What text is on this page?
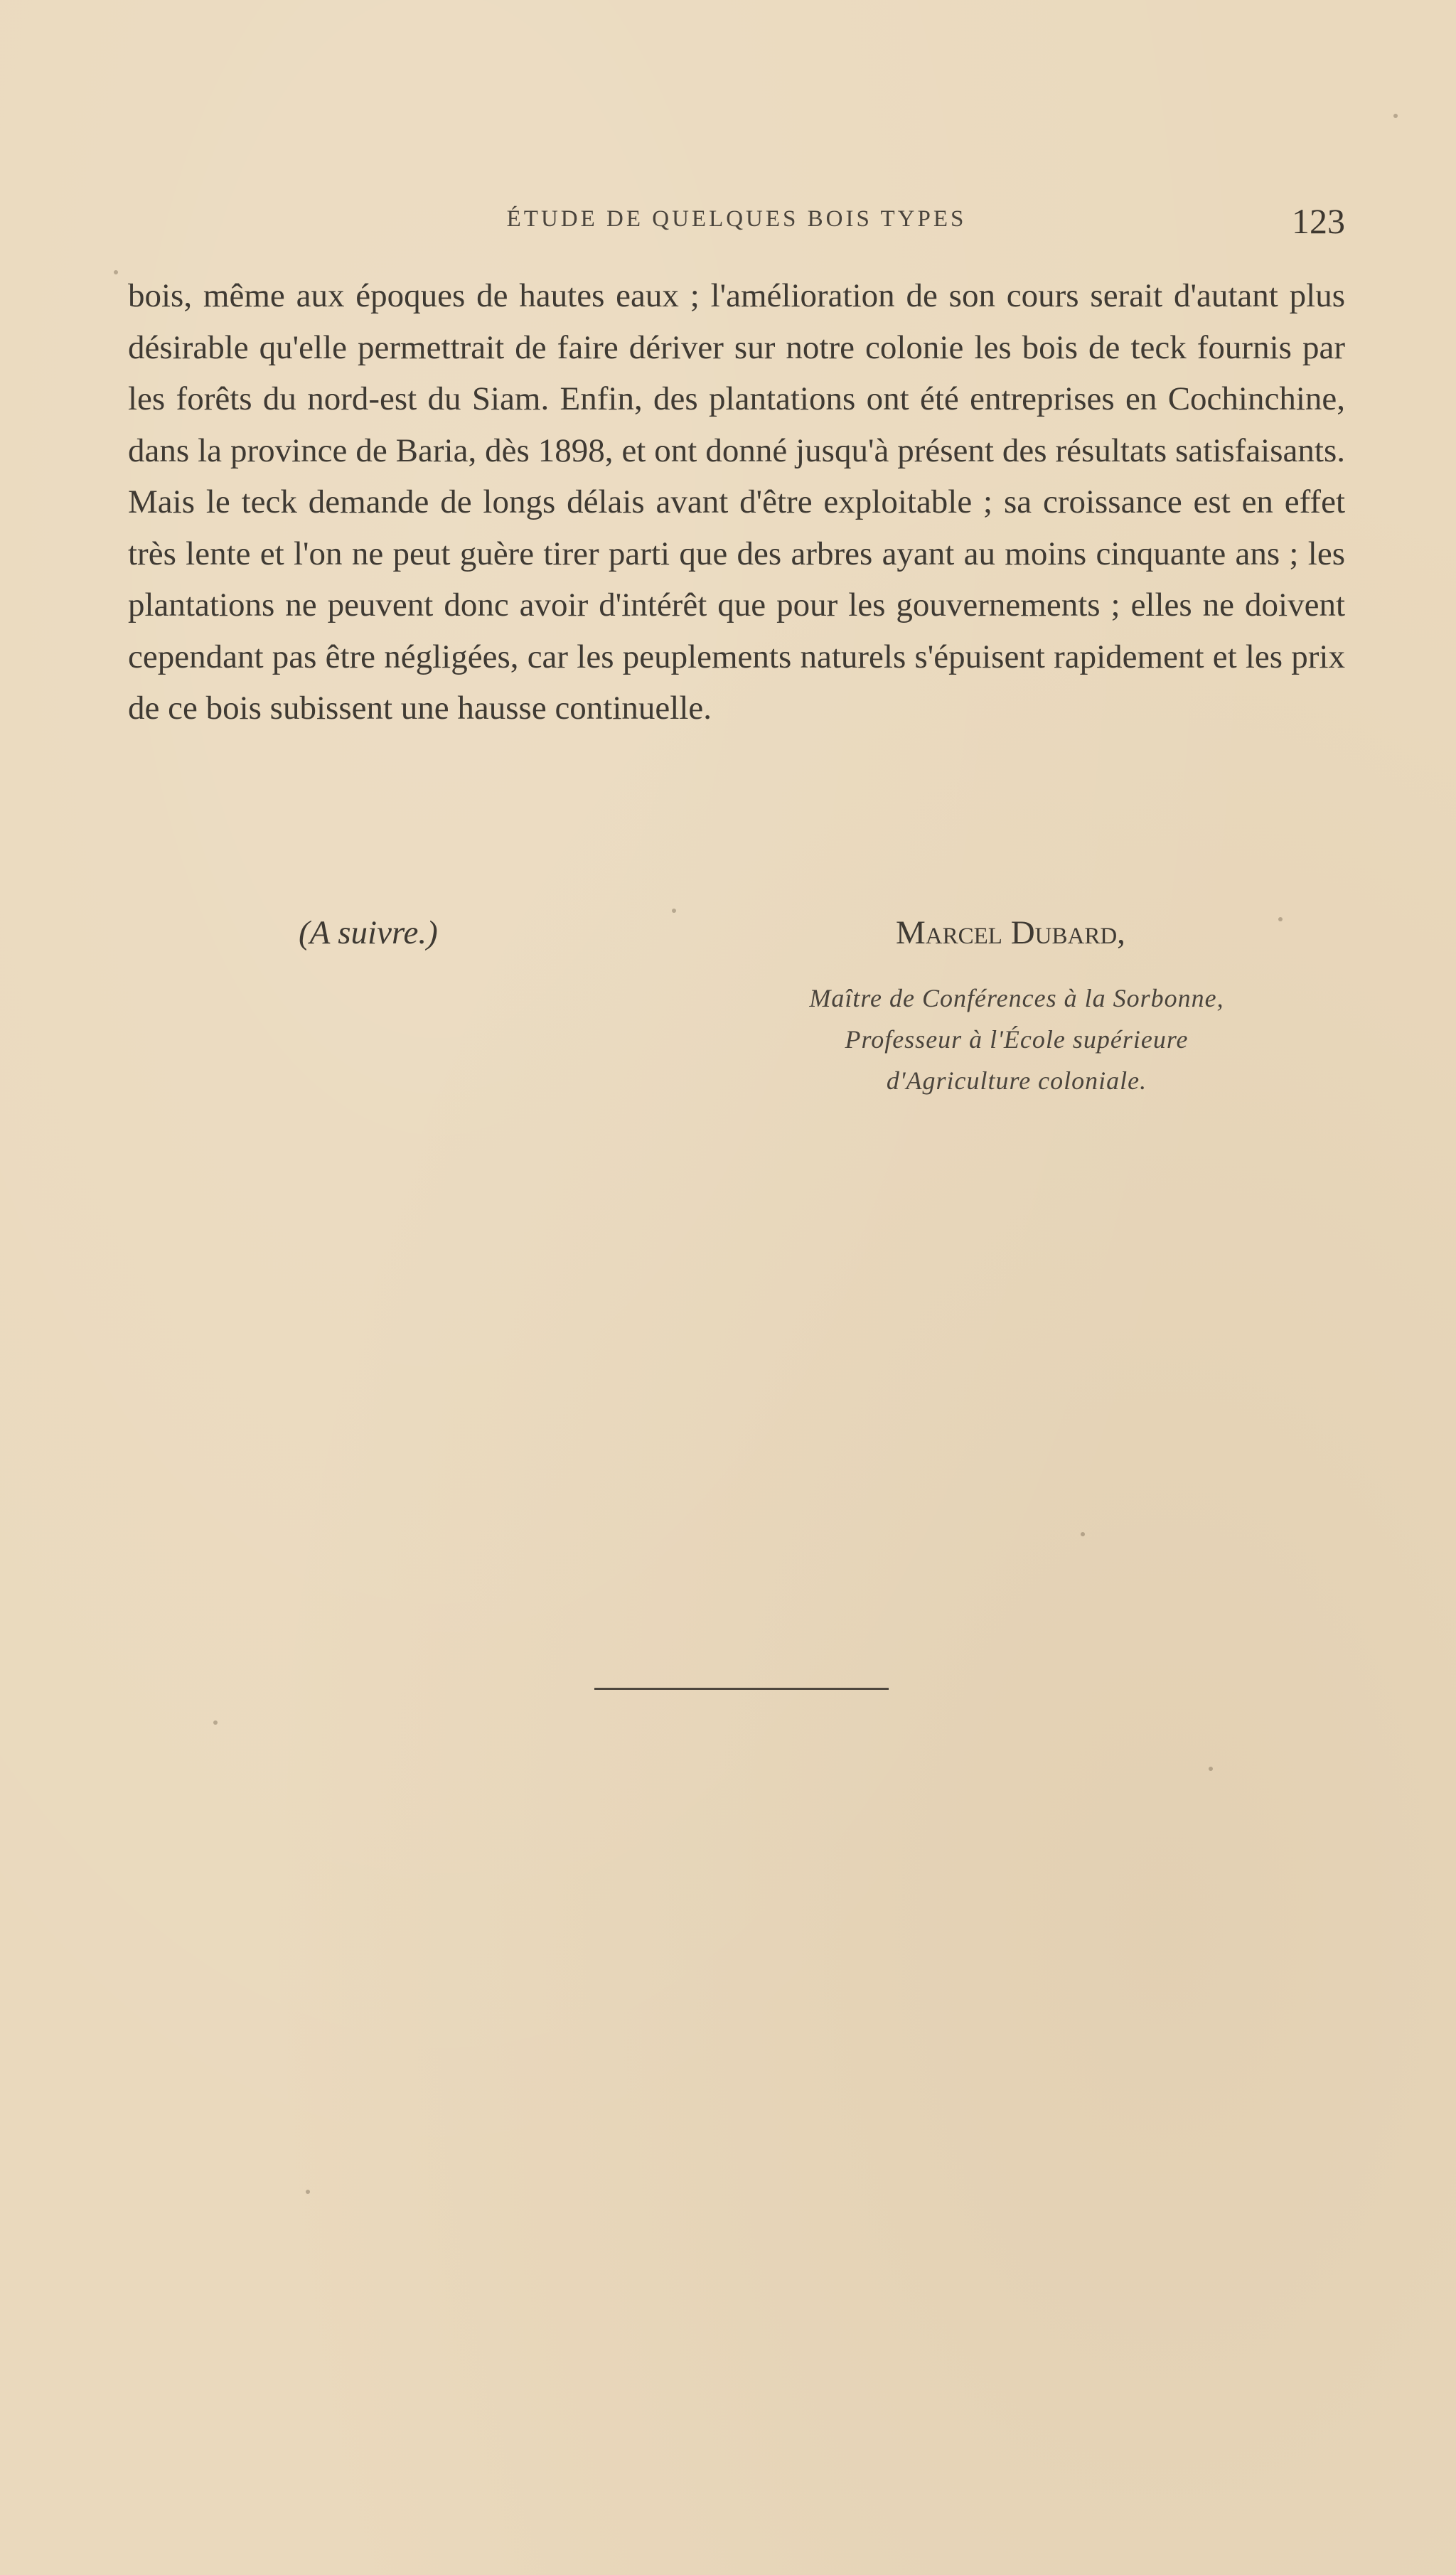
ÉTUDE DE QUELQUES BOIS TYPES	123

bois, même aux époques de hautes eaux ; l'amélioration de son cours serait d'autant plus désirable qu'elle permettrait de faire dériver sur notre colonie les bois de teck fournis par les forêts du nord-est du Siam. Enfin, des plantations ont été entreprises en Cochinchine, dans la province de Baria, dès 1898, et ont donné jusqu'à présent des résultats satisfaisants. Mais le teck demande de longs délais avant d'être exploitable ; sa croissance est en effet très lente et l'on ne peut guère tirer parti que des arbres ayant au moins cinquante ans ; les plantations ne peuvent donc avoir d'intérêt que pour les gouvernements ; elles ne doivent cependant pas être négligées, car les peuplements naturels s'épuisent rapidement et les prix de ce bois subissent une hausse continuelle.

(A suivre.)	Marcel Dubard,
Maître de Conférences à la Sorbonne,
Professeur à l'École supérieure
d'Agriculture coloniale.
